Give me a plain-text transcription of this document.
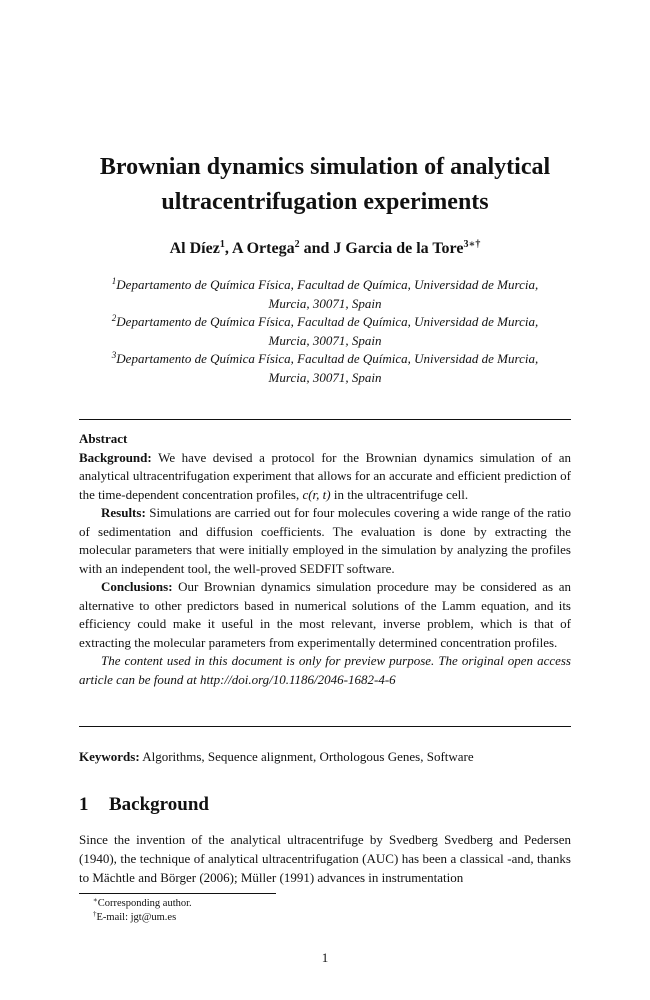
Brownian dynamics simulation of analytical
ultracentrifugation experiments
Al Díez$^1$, A Ortega$^2$ and J Garcia de la Tore$^{3∗\dagger}$
$^1$Departamento de Química Física, Facultad de Química, Universidad de Murcia, Murcia, 30071, Spain
$^2$Departamento de Química Física, Facultad de Química, Universidad de Murcia, Murcia, 30071, Spain
$^3$Departamento de Química Física, Facultad de Química, Universidad de Murcia, Murcia, 30071, Spain

Abstract

Background: We have devised a protocol for the Brownian dynamics simulation of an analytical ultracentrifugation experiment that allows for an accurate and efficient prediction of the time-dependent concentration profiles, c(r, t) in the ultracentrifuge cell.

Results: Simulations are carried out for four molecules covering a wide range of the ratio of sedimentation and diffusion coefficients. The evaluation is done by extracting the molecular parameters that were initially employed in the simulation by analyzing the profiles with an independent tool, the well-proved SEDFIT software.

Conclusions: Our Brownian dynamics simulation procedure may be considered as an alternative to other predictors based in numerical solutions of the Lamm equation, and its efficiency could make it useful in the most relevant, inverse problem, which is that of extracting the molecular parameters from experimentally determined concentration profiles.

The content used in this document is only for preview purpose. The original open access article can be found at http://doi.org/10.1186/2046-1682-4-6

Keywords: Algorithms, Sequence alignment, Orthologous Genes, Software
1 Background

Since the invention of the analytical ultracentrifuge by Svedberg Svedberg and Pedersen (1940), the technique of analytical ultracentrifugation (AUC) has been a classical -and, thanks to Mächtle and Börger (2006); Müller (1991) advances in instrumentation

∗Corresponding author.
†E-mail: jgt@um.es
1
